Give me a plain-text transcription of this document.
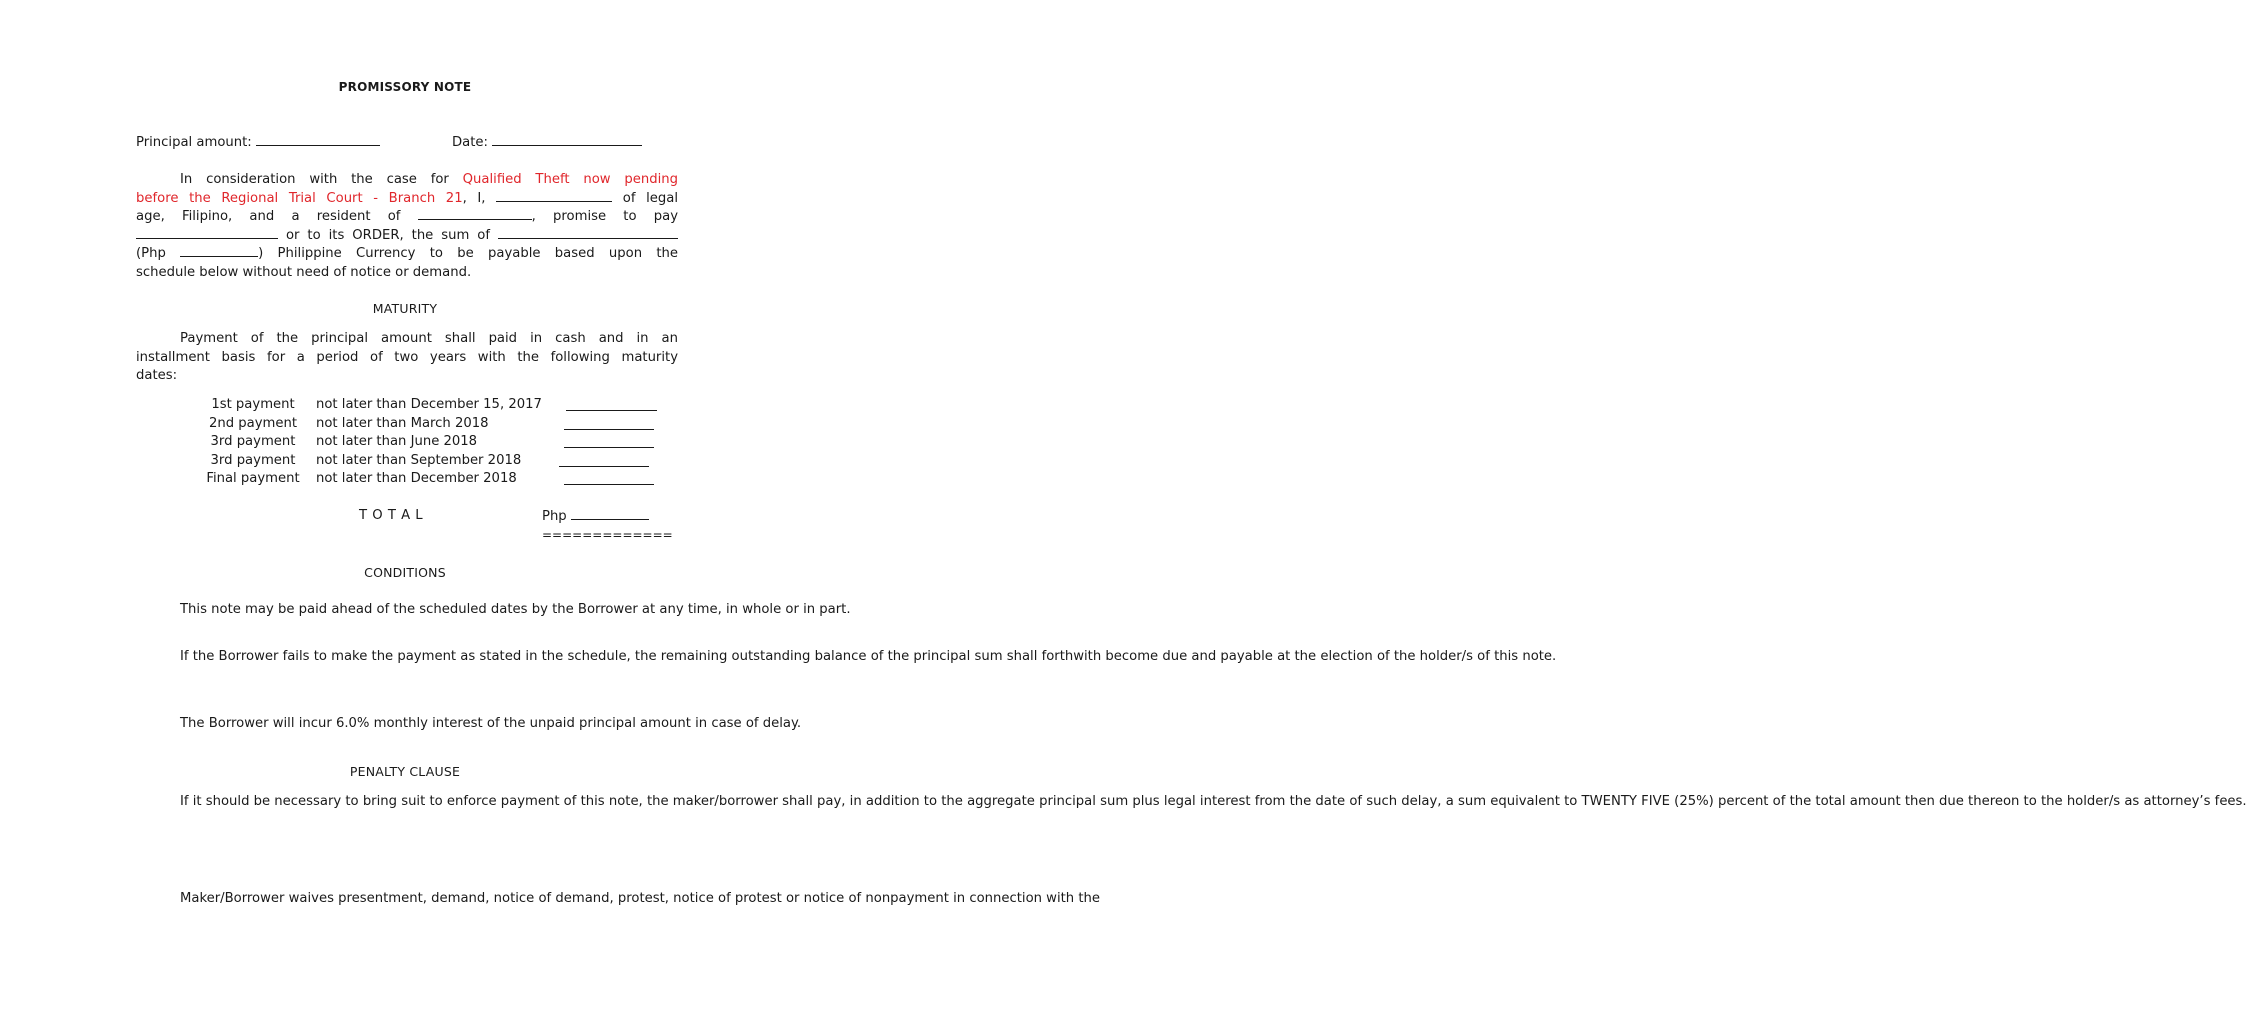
PROMISSORY NOTE
Principal amount:	Date:
In consideration with the case for Qualified Theft now pending
before the Regional Trial Court - Branch 21, I,	of legal
age, Filipino, and a resident of	, promise to pay
or to its ORDER, the sum of
(Php	) Philippine Currency to be payable based upon the
schedule below without need of notice or demand.
MATURITY
Payment of the principal amount shall paid in cash and in an
installment basis for a period of two years with the following maturity
dates:
1st payment	not later than December 15, 2017
2nd payment	not later than March 2018
3rd payment	not later than June 2018
3rd payment	not later than September 2018
Final payment not later than December 2018
T O T A L	Php
=============
CONDITIONS

This note may be paid ahead of the scheduled dates by the Borrower at any time, in whole or in part.

If the Borrower fails to make the payment as stated in the schedule, the remaining outstanding balance of the principal sum shall forthwith become due and payable at the election of the holder/s of this note.

The Borrower will incur 6.0% monthly interest of the unpaid principal amount in case of delay.

PENALTY CLAUSE

If it should be necessary to bring suit to enforce payment of this note, the maker/borrower shall pay, in addition to the aggregate principal sum plus legal interest from the date of such delay, a sum equivalent to TWENTY FIVE (25%) percent of the total amount then due thereon to the holder/s as attorney’s fees.

Maker/Borrower waives presentment, demand, notice of demand, protest, notice of protest or notice of nonpayment in connection with the
